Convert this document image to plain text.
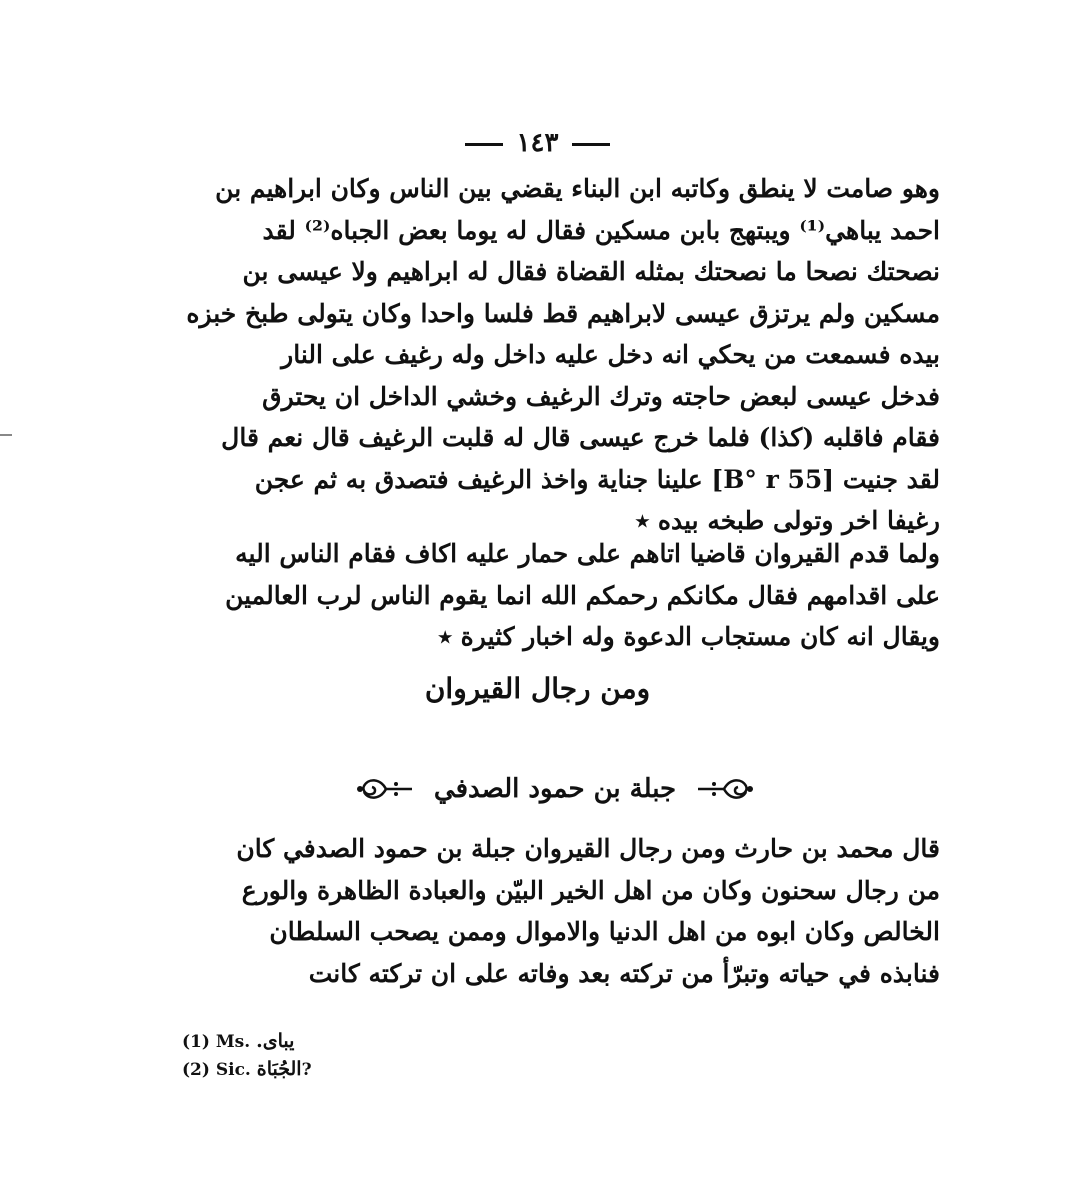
١٤٣
وهو صامت لا ينطق وكاتبه ابن البناء يقضي بين الناس وكان ابراهيم بن
احمد يباهي⁽¹⁾ ويبتهج بابن مسكين فقال له يوما بعض الجباه⁽²⁾ لقد
نصحتك نصحا ما نصحتك بمثله القضاة فقال له ابراهيم ولا عيسى بن
مسكين ولم يرتزق عيسى لابراهيم قط فلسا واحدا وكان يتولى طبخ خبزه
بيده فسمعت من يحكي انه دخل عليه داخل وله رغيف على النار
فدخل عيسى لبعض حاجته وترك الرغيف وخشي الداخل ان يحترق
فقام فاقلبه (كذا) فلما خرج عيسى قال له قلبت الرغيف قال نعم قال
لقد جنيت [55 B° r] علينا جناية واخذ الرغيف فتصدق به ثم عجن
رغيفا اخر وتولى طبخه بيده ٭
ولما قدم القيروان قاضيا اتاهم على حمار عليه اكاف فقام الناس اليه
على اقدامهم فقال مكانكم رحمكم الله انما يقوم الناس لرب العالمين
ويقال انه كان مستجاب الدعوة وله اخبار كثيرة ٭
ومن رجال القيروان
جبلة بن حمود الصدفي
قال محمد بن حارث ومن رجال القيروان جبلة بن حمود الصدفي كان
من رجال سحنون وكان من اهل الخير البيّن والعبادة الظاهرة والورع
الخالص وكان ابوه من اهل الدنيا والاموال وممن يصحب السلطان
فنابذه في حياته وتبرّأ من تركته بعد وفاته على ان تركته كانت
(1) Ms. يباى.
(2) Sic. الجُبَاة?
